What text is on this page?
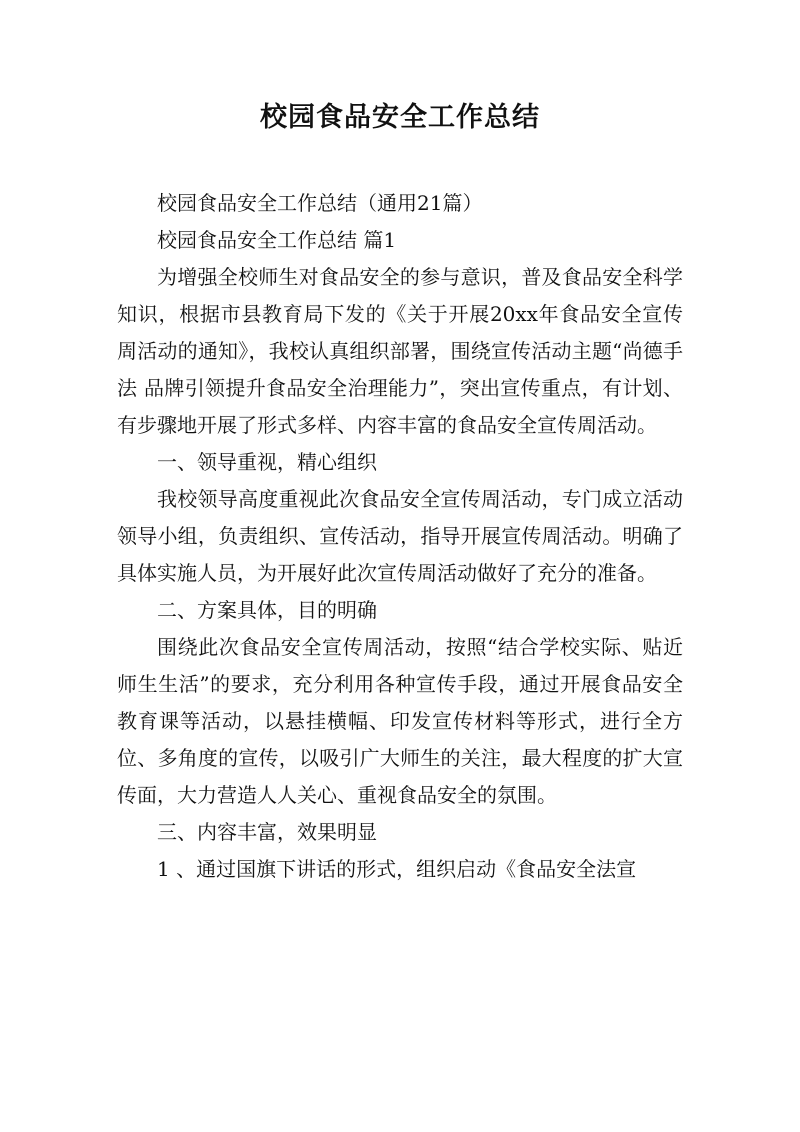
校园食品安全工作总结

校园食品安全工作总结（通用21篇）

校园食品安全工作总结 篇1

为增强全校师生对食品安全的参与意识，普及食品安全科学知识，根据市县教育局下发的《关于开展20xx年食品安全宣传周活动的通知》，我校认真组织部署，围绕宣传活动主题“尚德手法 品牌引领提升食品安全治理能力”，突出宣传重点，有计划、有步骤地开展了形式多样、内容丰富的食品安全宣传周活动。

一、领导重视，精心组织

我校领导高度重视此次食品安全宣传周活动，专门成立活动领导小组，负责组织、宣传活动，指导开展宣传周活动。明确了具体实施人员，为开展好此次宣传周活动做好了充分的准备。

二、方案具体，目的明确

围绕此次食品安全宣传周活动，按照“结合学校实际、贴近师生生活”的要求，充分利用各种宣传手段，通过开展食品安全教育课等活动，以悬挂横幅、印发宣传材料等形式，进行全方位、多角度的宣传，以吸引广大师生的关注，最大程度的扩大宣传面，大力营造人人关心、重视食品安全的氛围。

三、内容丰富，效果明显

1 、通过国旗下讲话的形式，组织启动《食品安全法宣
